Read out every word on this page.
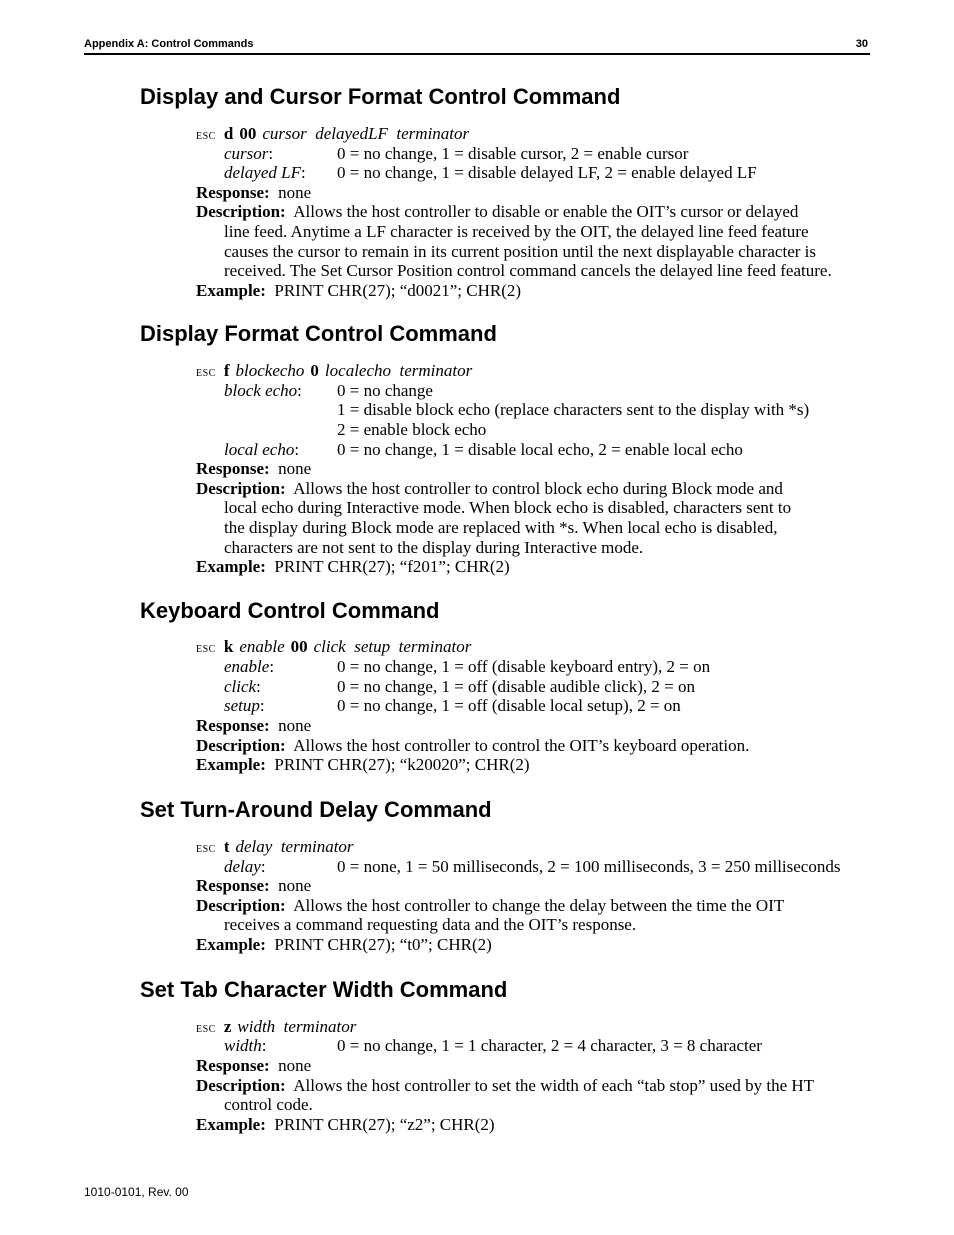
Appendix A: Control Commands	30
Display and Cursor Format Control Command
ESC d 00 cursor  delayedLF  terminator
cursor:	0 = no change, 1 = disable cursor, 2 = enable cursor
delayed LF: 0 = no change, 1 = disable delayed LF, 2 = enable delayed LF
Response: none
Description: Allows the host controller to disable or enable the OIT’s cursor or delayed
line feed. Anytime a LF character is received by the OIT, the delayed line feed feature
causes the cursor to remain in its current position until the next displayable character is
received. The Set Cursor Position control command cancels the delayed line feed feature.
Example: PRINT CHR(27); “d0021”; CHR(2)
Display Format Control Command
ESC f blockecho 0 localecho  terminator
block echo: 0 = no change
1 = disable block echo (replace characters sent to the display with *s)
2 = enable block echo
local echo: 0 = no change, 1 = disable local echo, 2 = enable local echo
Response: none
Description: Allows the host controller to control block echo during Block mode and
local echo during Interactive mode. When block echo is disabled, characters sent to
the display during Block mode are replaced with *s. When local echo is disabled,
characters are not sent to the display during Interactive mode.
Example: PRINT CHR(27); “f201”; CHR(2)
Keyboard Control Command
ESC k enable 00 click  setup  terminator
enable:	0 = no change, 1 = off (disable keyboard entry), 2 = on
click:	0 = no change, 1 = off (disable audible click), 2 = on
setup:	0 = no change, 1 = off (disable local setup), 2 = on
Response: none
Description: Allows the host controller to control the OIT’s keyboard operation.
Example: PRINT CHR(27); “k20020”; CHR(2)
Set Turn-Around Delay Command
ESC t delay  terminator
delay:	0 = none, 1 = 50 milliseconds, 2 = 100 milliseconds, 3 = 250 milliseconds
Response: none
Description: Allows the host controller to change the delay between the time the OIT
receives a command requesting data and the OIT’s response.
Example: PRINT CHR(27); “t0”; CHR(2)
Set Tab Character Width Command
ESC z width  terminator
width:	0 = no change, 1 = 1 character, 2 = 4 character, 3 = 8 character
Response: none
Description: Allows the host controller to set the width of each “tab stop” used by the HT
control code.
Example: PRINT CHR(27); “z2”; CHR(2)
1010-0101, Rev. 00
